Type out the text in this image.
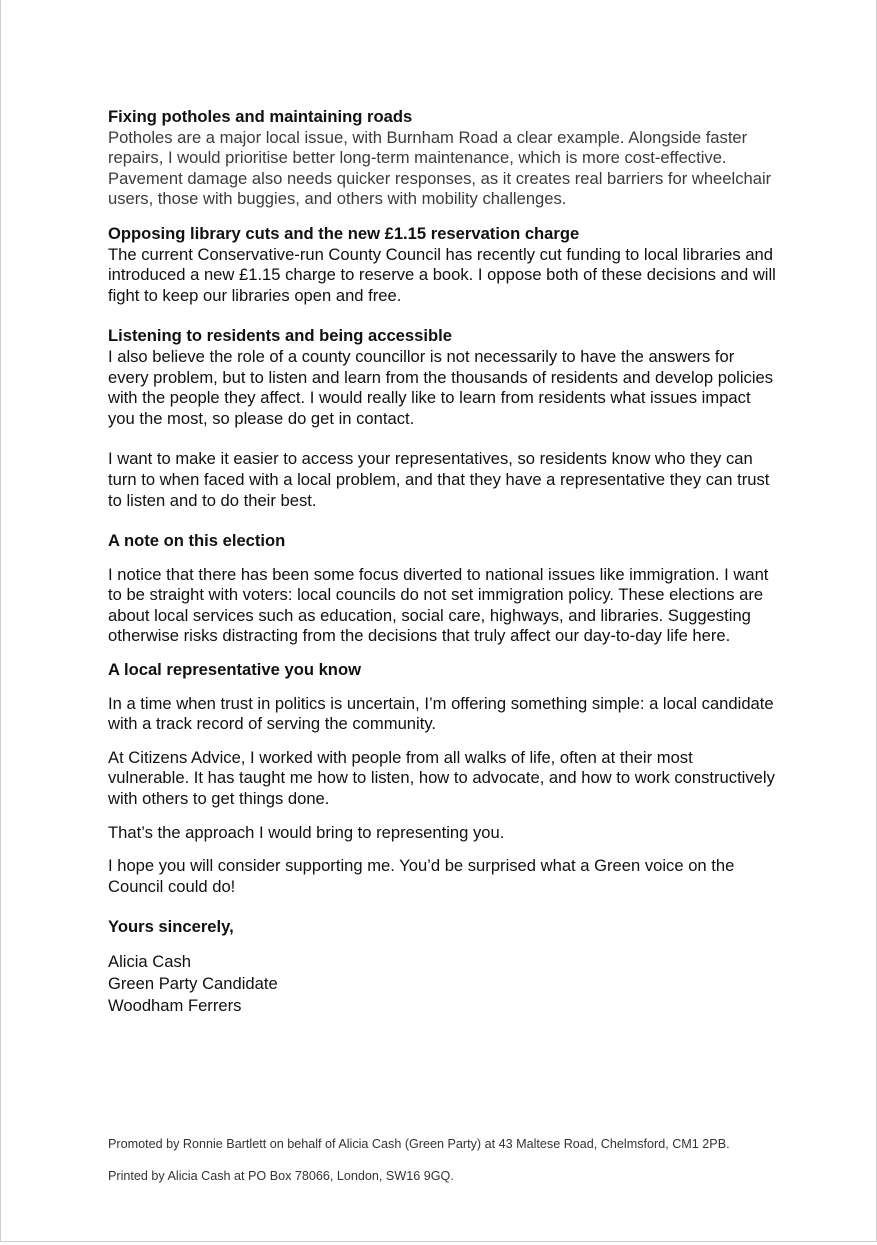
Fixing potholes and maintaining roads

Potholes are a major local issue, with Burnham Road a clear example. Alongside faster repairs, I would prioritise better long-term maintenance, which is more cost-effective. Pavement damage also needs quicker responses, as it creates real barriers for wheelchair users, those with buggies, and others with mobility challenges.

Opposing library cuts and the new £1.15 reservation charge

The current Conservative-run County Council has recently cut funding to local libraries and introduced a new £1.15 charge to reserve a book. I oppose both of these decisions and will fight to keep our libraries open and free.

Listening to residents and being accessible

I also believe the role of a county councillor is not necessarily to have the answers for every problem, but to listen and learn from the thousands of residents and develop policies with the people they affect. I would really like to learn from residents what issues impact you the most, so please do get in contact.

I want to make it easier to access your representatives, so residents know who they can turn to when faced with a local problem, and that they have a representative they can trust to listen and to do their best.

A note on this election

I notice that there has been some focus diverted to national issues like immigration. I want to be straight with voters: local councils do not set immigration policy. These elections are about local services such as education, social care, highways, and libraries. Suggesting otherwise risks distracting from the decisions that truly affect our day-to-day life here.

A local representative you know

In a time when trust in politics is uncertain, I’m offering something simple: a local candidate with a track record of serving the community.

At Citizens Advice, I worked with people from all walks of life, often at their most vulnerable. It has taught me how to listen, how to advocate, and how to work constructively with others to get things done.

That’s the approach I would bring to representing you.

I hope you will consider supporting me. You’d be surprised what a Green voice on the Council could do!

Yours sincerely,

Alicia Cash
Green Party Candidate
Woodham Ferrers
Promoted by Ronnie Bartlett on behalf of Alicia Cash (Green Party) at 43 Maltese Road, Chelmsford, CM1 2PB.
Printed by Alicia Cash at PO Box 78066, London, SW16 9GQ.
